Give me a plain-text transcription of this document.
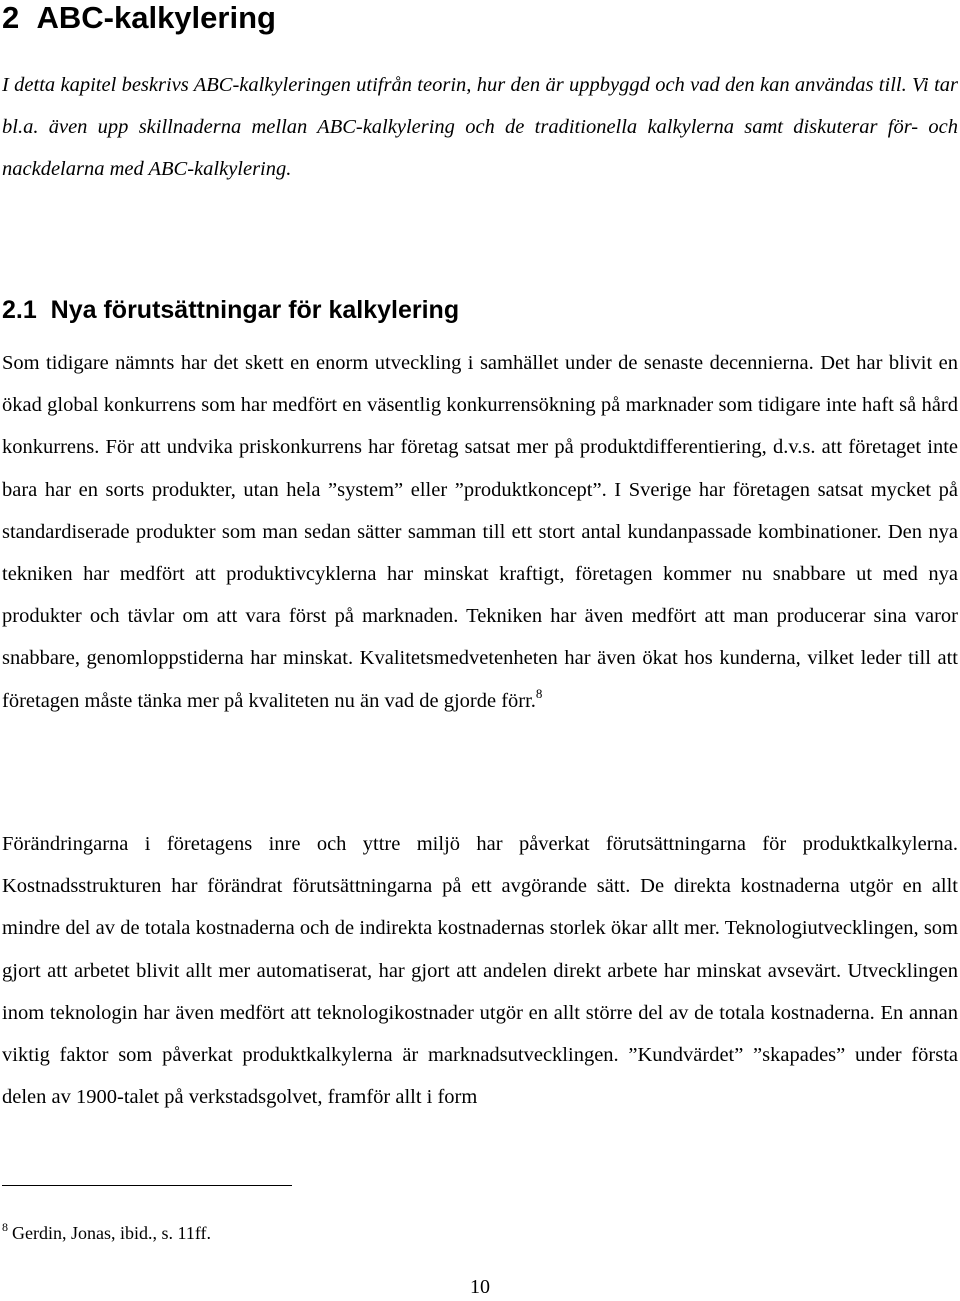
2 ABC-kalkylering

I detta kapitel beskrivs ABC-kalkyleringen utifrån teorin, hur den är uppbyggd och vad den kan användas till. Vi tar bl.a. även upp skillnaderna mellan ABC-kalkylering och de traditionella kalkylerna samt diskuterar för- och nackdelarna med ABC-kalkylering.

2.1 Nya förutsättningar för kalkylering

Som tidigare nämnts har det skett en enorm utveckling i samhället under de senaste decennierna. Det har blivit en ökad global konkurrens som har medfört en väsentlig konkurrensökning på marknader som tidigare inte haft så hård konkurrens. För att undvika priskonkurrens har företag satsat mer på produktdifferentiering, d.v.s. att företaget inte bara har en sorts produkter, utan hela ”system” eller ”produktkoncept”. I Sverige har företagen satsat mycket på standardiserade produkter som man sedan sätter samman till ett stort antal kundanpassade kombinationer. Den nya tekniken har medfört att produktivcyklerna har minskat kraftigt, företagen kommer nu snabbare ut med nya produkter och tävlar om att vara först på marknaden. Tekniken har även medfört att man producerar sina varor snabbare, genomloppstiderna har minskat. Kvalitetsmedvetenheten har även ökat hos kunderna, vilket leder till att företagen måste tänka mer på kvaliteten nu än vad de gjorde förr.$^8$

Förändringarna i företagens inre och yttre miljö har påverkat förutsättningarna för produktkalkylerna. Kostnadsstrukturen har förändrat förutsättningarna på ett avgörande sätt. De direkta kostnaderna utgör en allt mindre del av de totala kostnaderna och de indirekta kostnadernas storlek ökar allt mer. Teknologiutvecklingen, som gjort att arbetet blivit allt mer automatiserat, har gjort att andelen direkt arbete har minskat avsevärt. Utvecklingen inom teknologin har även medfört att teknologikostnader utgör en allt större del av de totala kostnaderna. En annan viktig faktor som påverkat produktkalkylerna är marknadsutvecklingen. ”Kundvärdet” ”skapades” under första delen av 1900-talet på verkstadsgolvet, framför allt i form

$^8$ Gerdin, Jonas, ibid., s. 11ff.

10
